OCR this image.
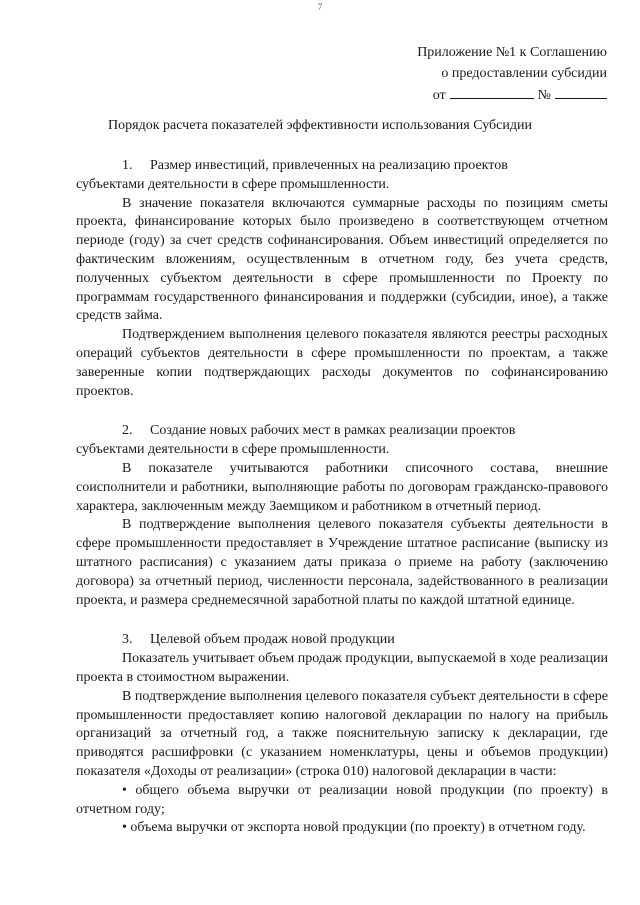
7
Приложение №1 к Соглашению
о предоставлении субсидии
от	№
Порядок расчета показателей эффективности использования Субсидии

1. Размер инвестиций, привлеченных на реализацию проектов

субъектами деятельности в сфере промышленности.

В значение показателя включаются суммарные расходы по позициям сметы проекта, финансирование которых было произведено в соответствующем отчетном периоде (году) за счет средств софинансирования. Объем инвестиций определяется по фактическим вложениям, осуществленным в отчетном году, без учета средств, полученных субъектом деятельности в сфере промышленности по Проекту по программам государственного финансирования и поддержки (субсидии, иное), а также средств займа.

Подтверждением выполнения целевого показателя являются реестры расходных операций субъектов деятельности в сфере промышленности по проектам, а также заверенные копии подтверждающих расходы документов по софинансированию проектов.

2. Создание новых рабочих мест в рамках реализации проектов

субъектами деятельности в сфере промышленности.

В показателе учитываются работники списочного состава, внешние соисполнители и работники, выполняющие работы по договорам гражданско-правового характера, заключенным между Заемщиком и работником в отчетный период.

В подтверждение выполнения целевого показателя субъекты деятельности в сфере промышленности предоставляет в Учреждение штатное расписание (выписку из штатного расписания) с указанием даты приказа о приеме на работу (заключению договора) за отчетный период, численности персонала, задействованного в реализации проекта, и размера среднемесячной заработной платы по каждой штатной единице.

3. Целевой объем продаж новой продукции

Показатель учитывает объем продаж продукции, выпускаемой в ходе реализации проекта в стоимостном выражении.

В подтверждение выполнения целевого показателя субъект деятельности в сфере промышленности предоставляет копию налоговой декларации по налогу на прибыль организаций за отчетный год, а также пояснительную записку к декларации, где приводятся расшифровки (с указанием номенклатуры, цены и объемов продукции) показателя «Доходы от реализации» (строка 010) налоговой декларации в части:

• общего объема выручки от реализации новой продукции (по проекту) в отчетном году;

• объема выручки от экспорта новой продукции (по проекту) в отчетном году.
